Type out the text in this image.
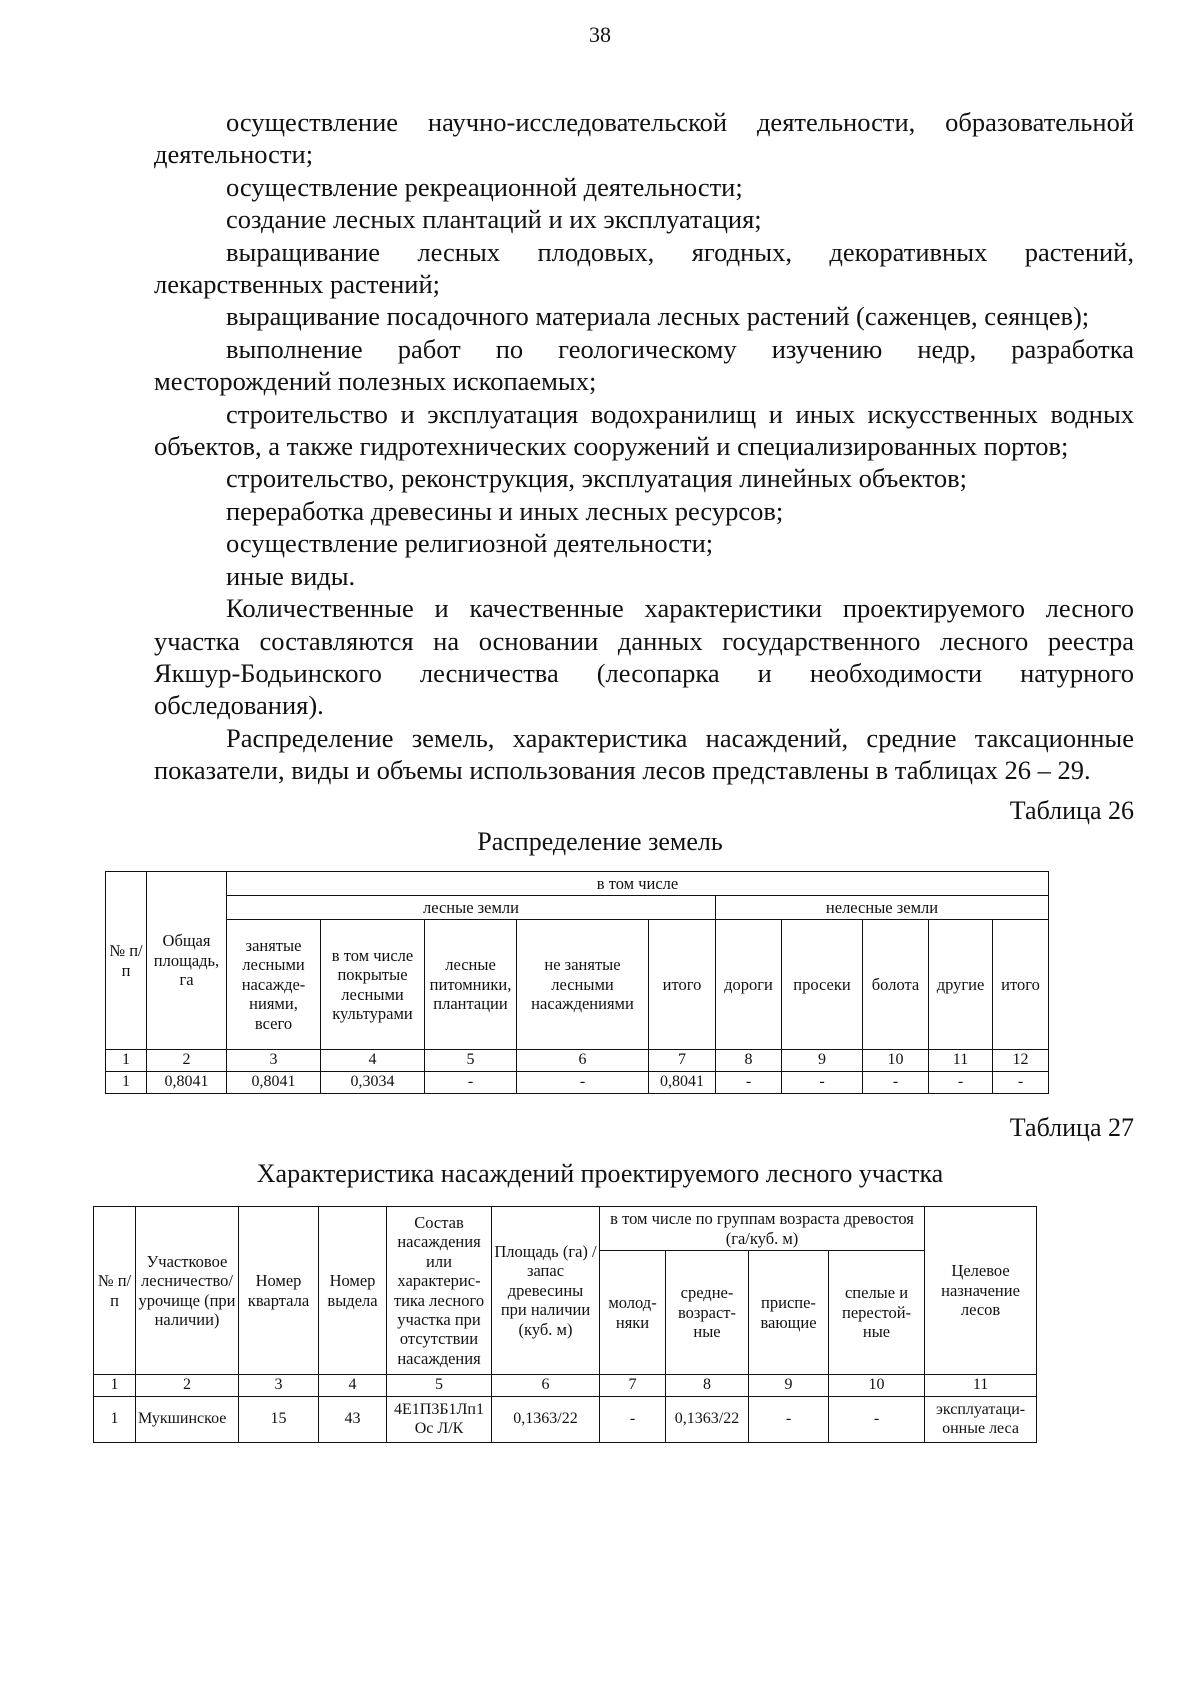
38

осуществление научно-исследовательской деятельности, образовательной деятельности;

осуществление рекреационной деятельности;

создание лесных плантаций и их эксплуатация;

выращивание лесных плодовых, ягодных, декоративных растений, лекарственных растений;

выращивание посадочного материала лесных растений (саженцев, сеянцев);

выполнение работ по геологическому изучению недр, разработка месторождений полезных ископаемых;

строительство и эксплуатация водохранилищ и иных искусственных водных объектов, а также гидротехнических сооружений и специализированных портов;

строительство, реконструкция, эксплуатация линейных объектов;

переработка древесины и иных лесных ресурсов;

осуществление религиозной деятельности;

иные виды.

Количественные и качественные характеристики проектируемого лесного участка составляются на основании данных государственного лесного реестра Якшур-Бодьинского лесничества (лесопарка и необходимости натурного обследования).

Распределение земель, характеристика насаждений, средние таксационные показатели, виды и объемы использования лесов представлены в таблицах 26 – 29.

Таблица 26
Распределение земель
№ п/п	Общая площадь, га	в том числе									
		лесные земли					нелесные земли				
		занятые лесными насажде-ниями, всего	в том числе покрытые лесными культурами	лесные питомники, плантации	не занятые лесными насаждениями	итого	дороги	просеки	болота	другие	итого
1	2	3	4	5	6	7	8	9	10	11	12
1	0,8041	0,8041	0,3034	-	-	0,8041	-	-	-	-	-
Таблица 27
Характеристика насаждений проектируемого лесного участка
№ п/п	Участковое лесничество/ урочище (при наличии)	Номер квартала	Номер выдела	Состав насаждения или характерис-тика лесного участка при отсутствии насаждения	Площадь (га) /запас древесины при наличии (куб. м)	в том числе по группам возраста древостоя (га/куб. м)				Целевое назначение лесов
						молод-няки	средне-возраст-ные	приспе-вающие	спелые и перестой-ные	
1	2	3	4	5	6	7	8	9	10	11
1	Мукшинское	15	43	4Е1П3Б1Лп1 Ос Л/К	0,1363/22	-	0,1363/22	-	-	эксплуатаци-онные леса
